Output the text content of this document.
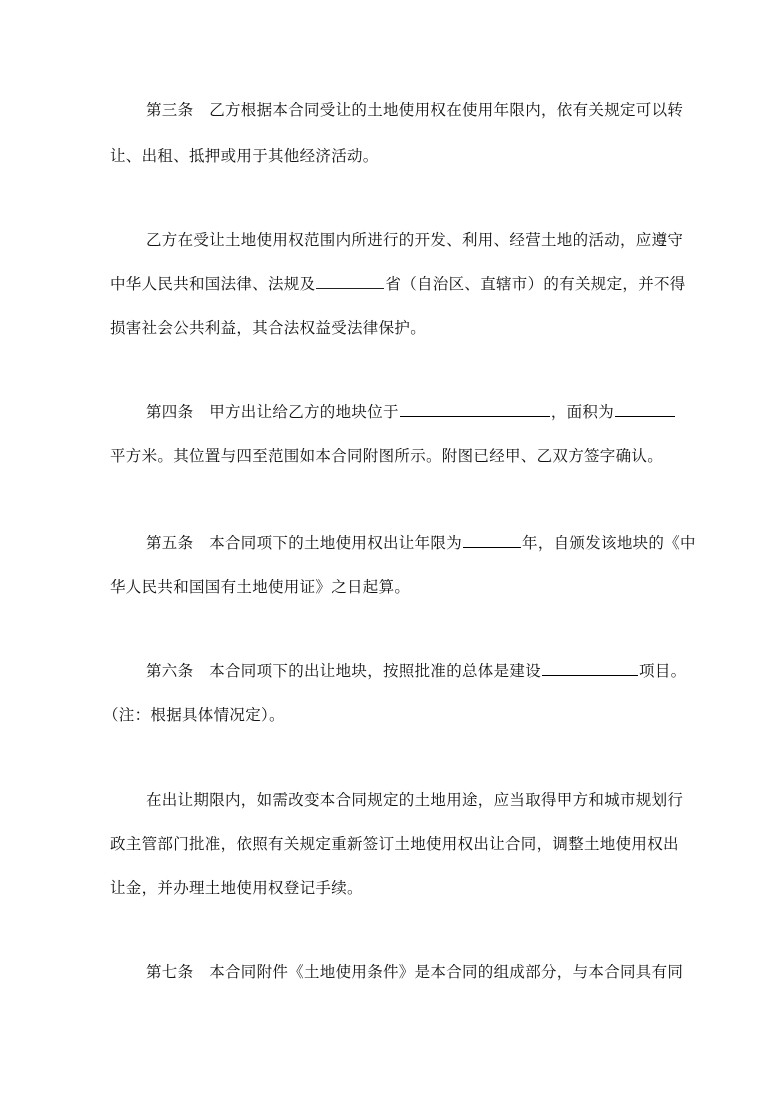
第三条　乙方根据本合同受让的土地使用权在使用年限内，依有关规定可以转
让、出租、抵押或用于其他经济活动。
乙方在受让土地使用权范围内所进行的开发、利用、经营土地的活动，应遵守
中华人民共和国法律、法规及	省（自治区、直辖市）的有关规定，并不得
损害社会公共利益，其合法权益受法律保护。
第四条　甲方出让给乙方的地块位于	，面积为
平方米。其位置与四至范围如本合同附图所示。附图已经甲、乙双方签字确认。
第五条　本合同项下的土地使用权出让年限为	年，自颁发该地块的《中
华人民共和国国有土地使用证》之日起算。
第六条　本合同项下的出让地块，按照批准的总体是建设	项目。
（注：根据具体情况定）。
在出让期限内，如需改变本合同规定的土地用途，应当取得甲方和城市规划行
政主管部门批准，依照有关规定重新签订土地使用权出让合同，调整土地使用权出
让金，并办理土地使用权登记手续。
第七条　本合同附件《土地使用条件》是本合同的组成部分，与本合同具有同
